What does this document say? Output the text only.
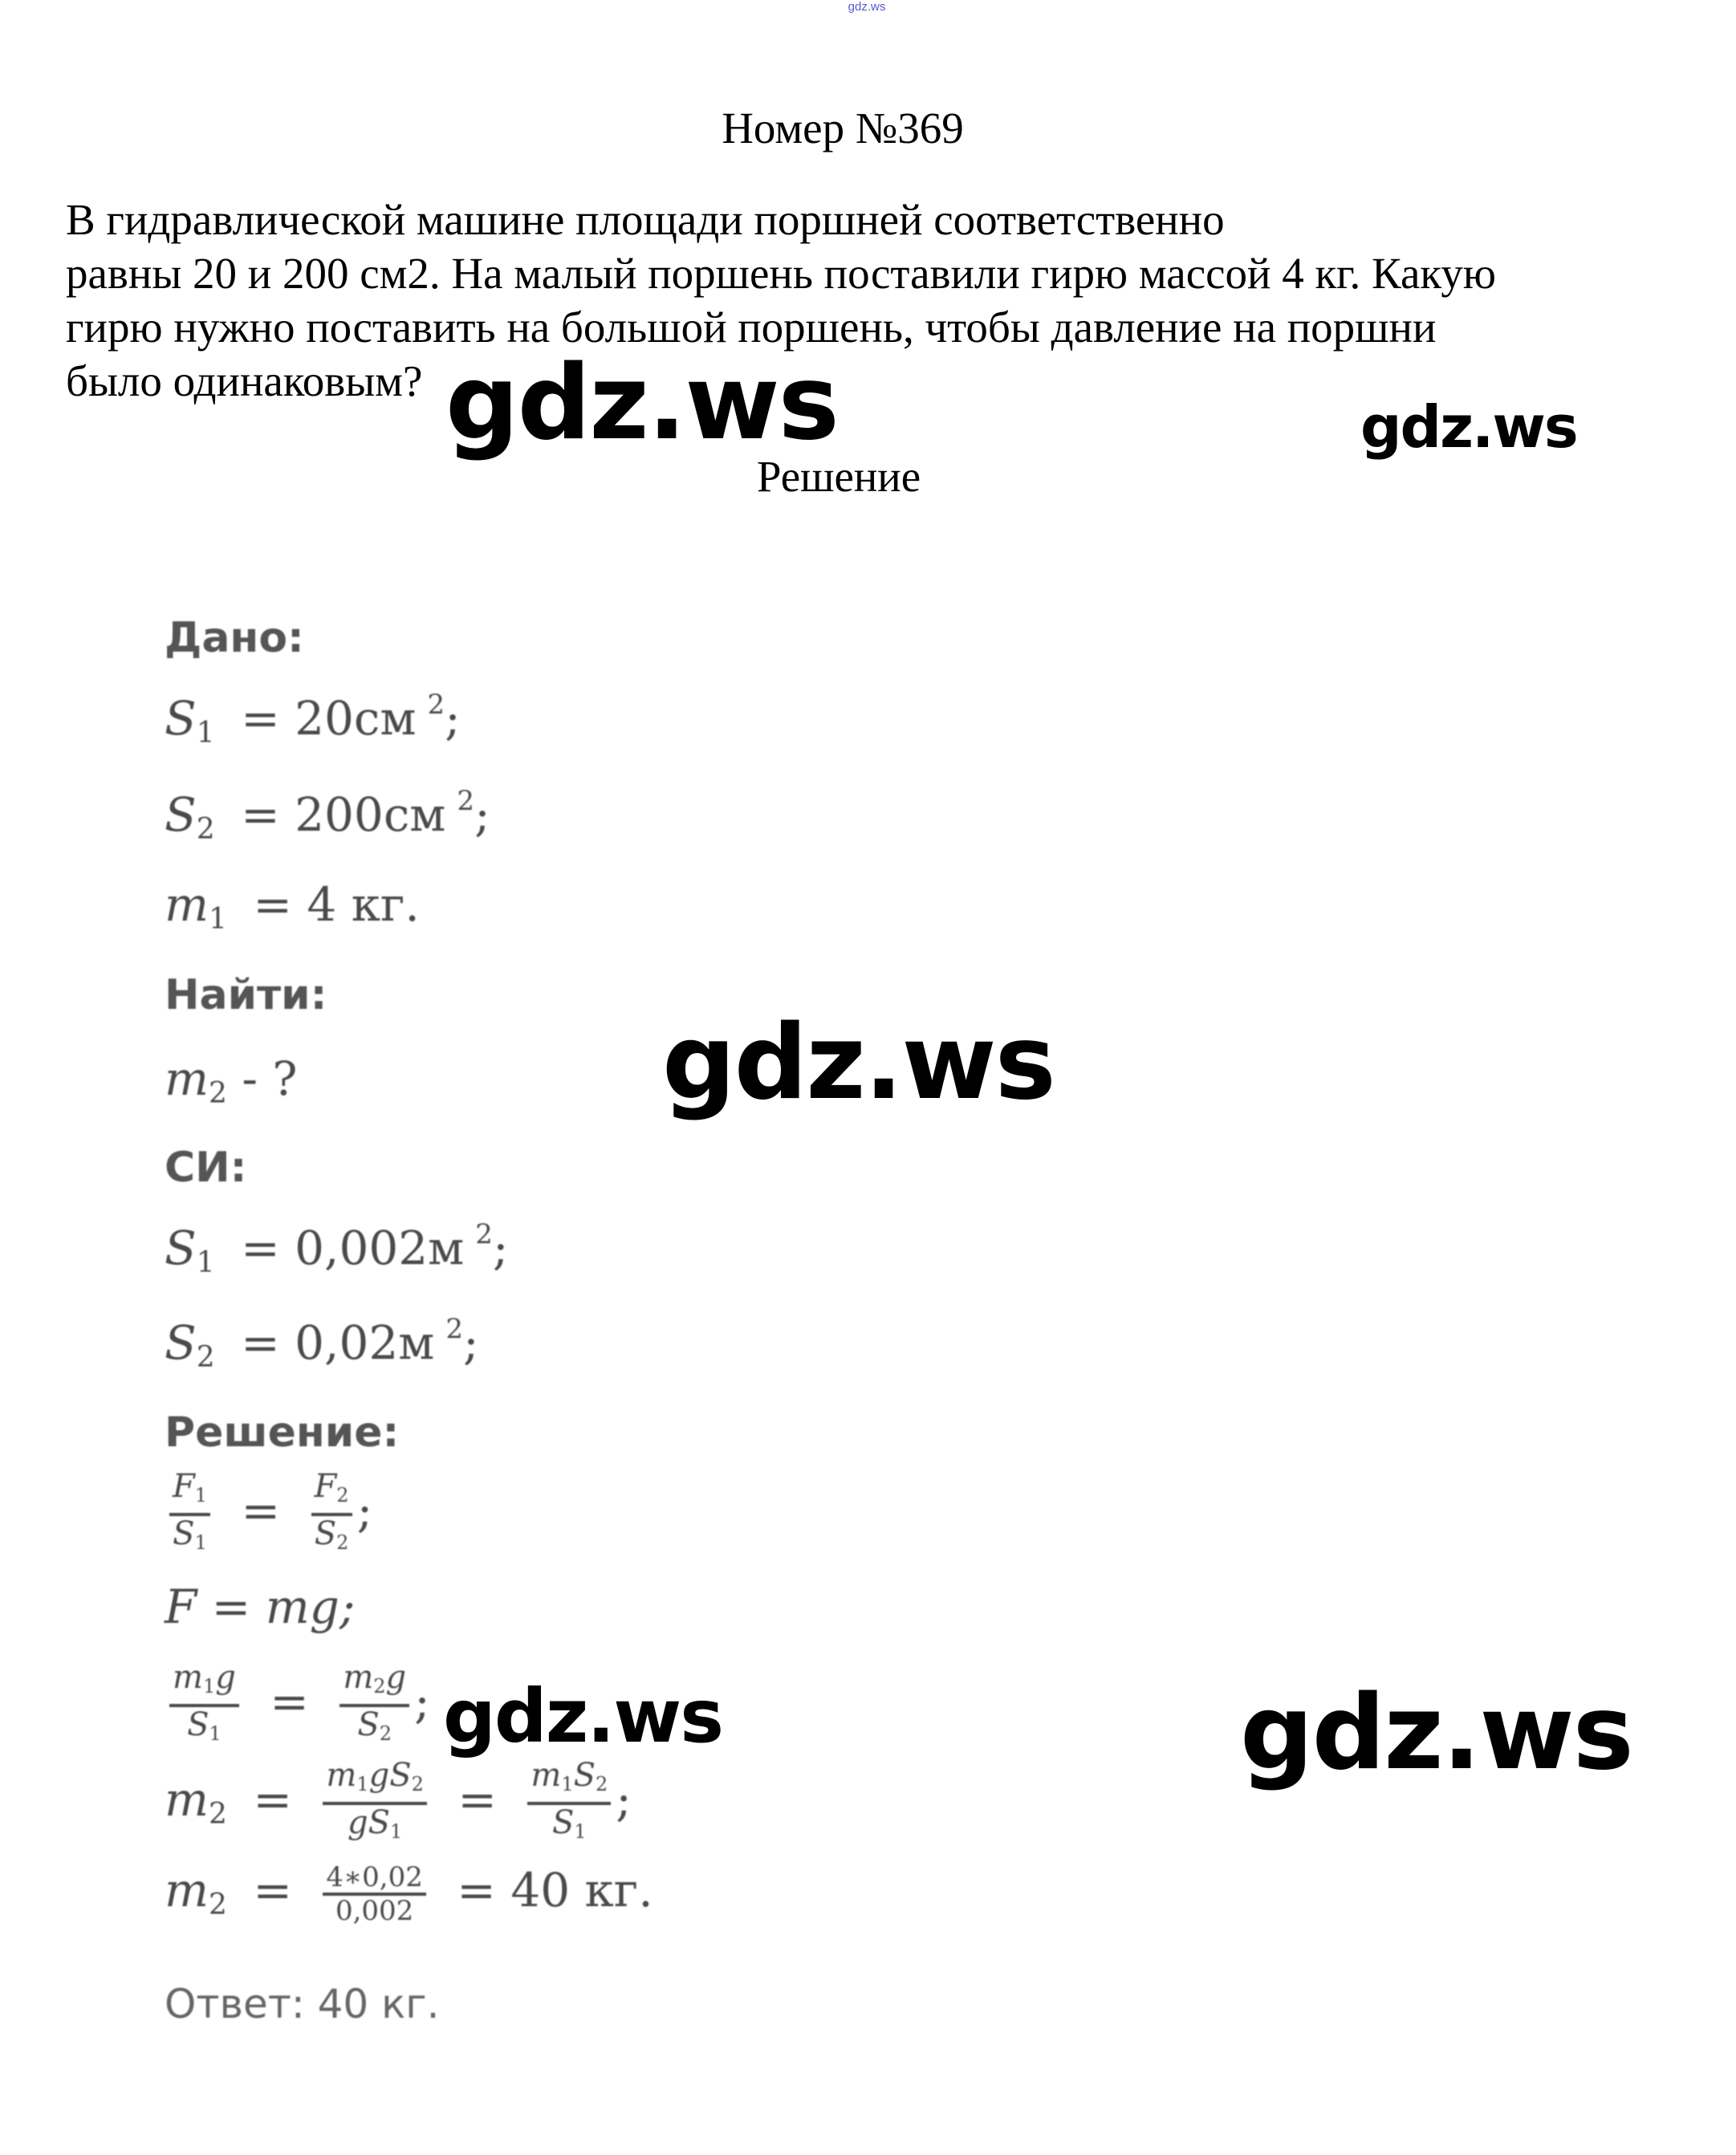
gdz.ws
Номер №369
В гидравлической машине площади поршней соответственно
равны 20 и 200 см2. На малый поршень поставили гирю массой 4 кг. Какую
гирю нужно поставить на большой поршень, чтобы давление на поршни
было одинаковым?
Решение
Дано:
$S_1 = 20см$ $^2$;
$S_2 = 200см$ $^2$;
$m_1 = 4$ кг.
Найти:
$m_2$ - ?
СИ:
$S_1 = 0,002м$ $^2$;
$S_2 = 0,02м$ $^2$;
Решение:
$\frac{F_1}{S_1} = \frac{F_2}{S_2}$ ;
F = mg;
$\frac{m_1g}{S_1} = \frac{m_2g}{S_2}$ ;
$m_2 = \frac{m_1gS_2}{gS_1} = \frac{m_1S_2}{S_1}$ ;
$m_2 = \frac{4∗0,02}{0,002} = 40$ кг.
Ответ: 40 кг.
gdz.ws	gdz.ws
gdz.ws
gdz.ws	gdz.ws
